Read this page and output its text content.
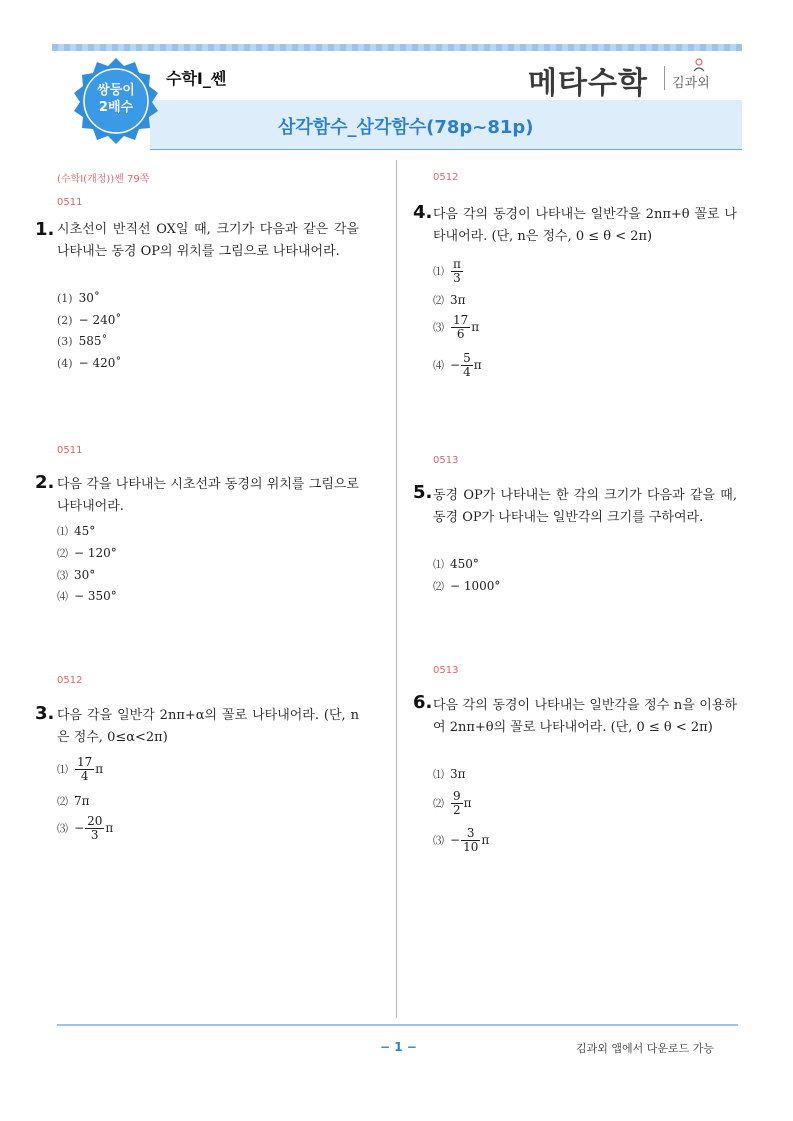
쌍둥이
2배수
수학Ⅰ_쎈	메타수학 김과외
삼각함수_삼각함수(78p~81p)
(수학Ⅰ(개정))쎈 79쪽
0511
1. 시초선이 반직선 OX일 때, 크기가 다음과 같은 각을 나타내는 동경 OP의 위치를 그림으로 나타내어라.
(1) 30˚
(2) − 240˚
(3) 585˚
(4) − 420˚
0511
2. 다음 각을 나타내는 시초선과 동경의 위치를 그림으로 나타내어라.
⑴ 45°
⑵ − 120°
⑶ 30°
⑷ − 350°
0512
3. 다음 각을 일반각 2nπ+α의 꼴로 나타내어라. (단, n은 정수, 0≤α<2π)
⑴ $\frac{17}{4}$ π
⑵ 7π
⑶ − $\frac{20}{3}$ π
0512
4. 다음 각의 동경이 나타내는 일반각을 2nπ+θ 꼴로 나타내어라. (단, n은 정수, 0 ≤ θ < 2π)
⑴ $\frac{\pi}{3}$
⑵ 3π
⑶ $\frac{17}{6}$ π
⑷ − $\frac{5}{4}$ π
0513
5. 동경 OP가 나타내는 한 각의 크기가 다음과 같을 때, 동경 OP가 나타내는 일반각의 크기를 구하여라.
⑴ 450°
⑵ − 1000°
0513
6. 다음 각의 동경이 나타내는 일반각을 정수 n을 이용하여 2nπ+θ의 꼴로 나타내어라. (단, 0 ≤ θ < 2π)
⑴ 3π
⑵ $\frac{9}{2}$ π
⑶ − $\frac{3}{10}$ π
− 1 −	김과외 앱에서 다운로드 가능
